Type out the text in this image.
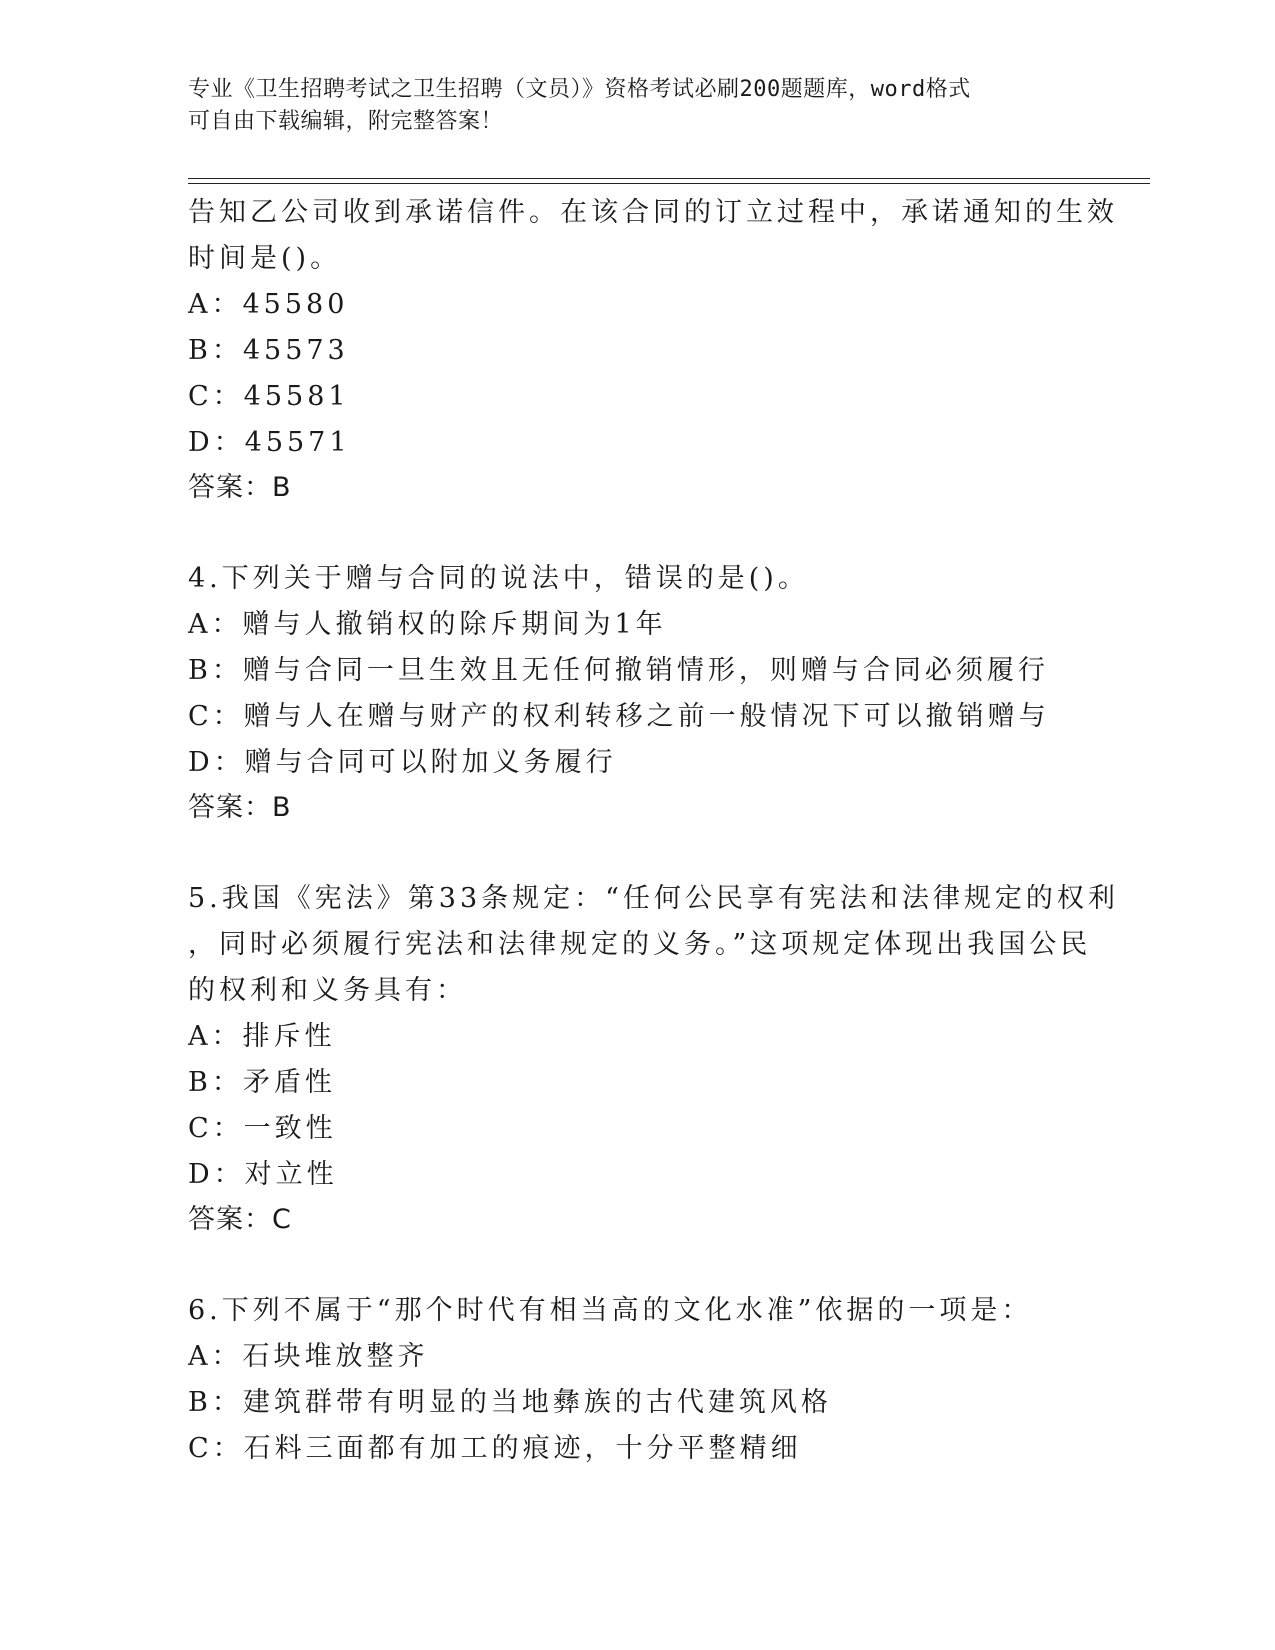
专业《卫生招聘考试之卫生招聘（文员）》资格考试必刷200题题库，word格式
可自由下载编辑，附完整答案！
告知乙公司收到承诺信件。在该合同的订立过程中，承诺通知的生效
时间是()。
A：45580
B：45573
C：45581
D：45571
答案：B
4.下列关于赠与合同的说法中，错误的是()。
A：赠与人撤销权的除斥期间为1年
B：赠与合同一旦生效且无任何撤销情形，则赠与合同必须履行
C：赠与人在赠与财产的权利转移之前一般情况下可以撤销赠与
D：赠与合同可以附加义务履行
答案：B
5.我国《宪法》第33条规定：“任何公民享有宪法和法律规定的权利
，同时必须履行宪法和法律规定的义务。”这项规定体现出我国公民
的权利和义务具有：
A：排斥性
B：矛盾性
C：一致性
D：对立性
答案：C
6.下列不属于“那个时代有相当高的文化水准”依据的一项是：
A：石块堆放整齐
B：建筑群带有明显的当地彝族的古代建筑风格
C：石料三面都有加工的痕迹，十分平整精细
